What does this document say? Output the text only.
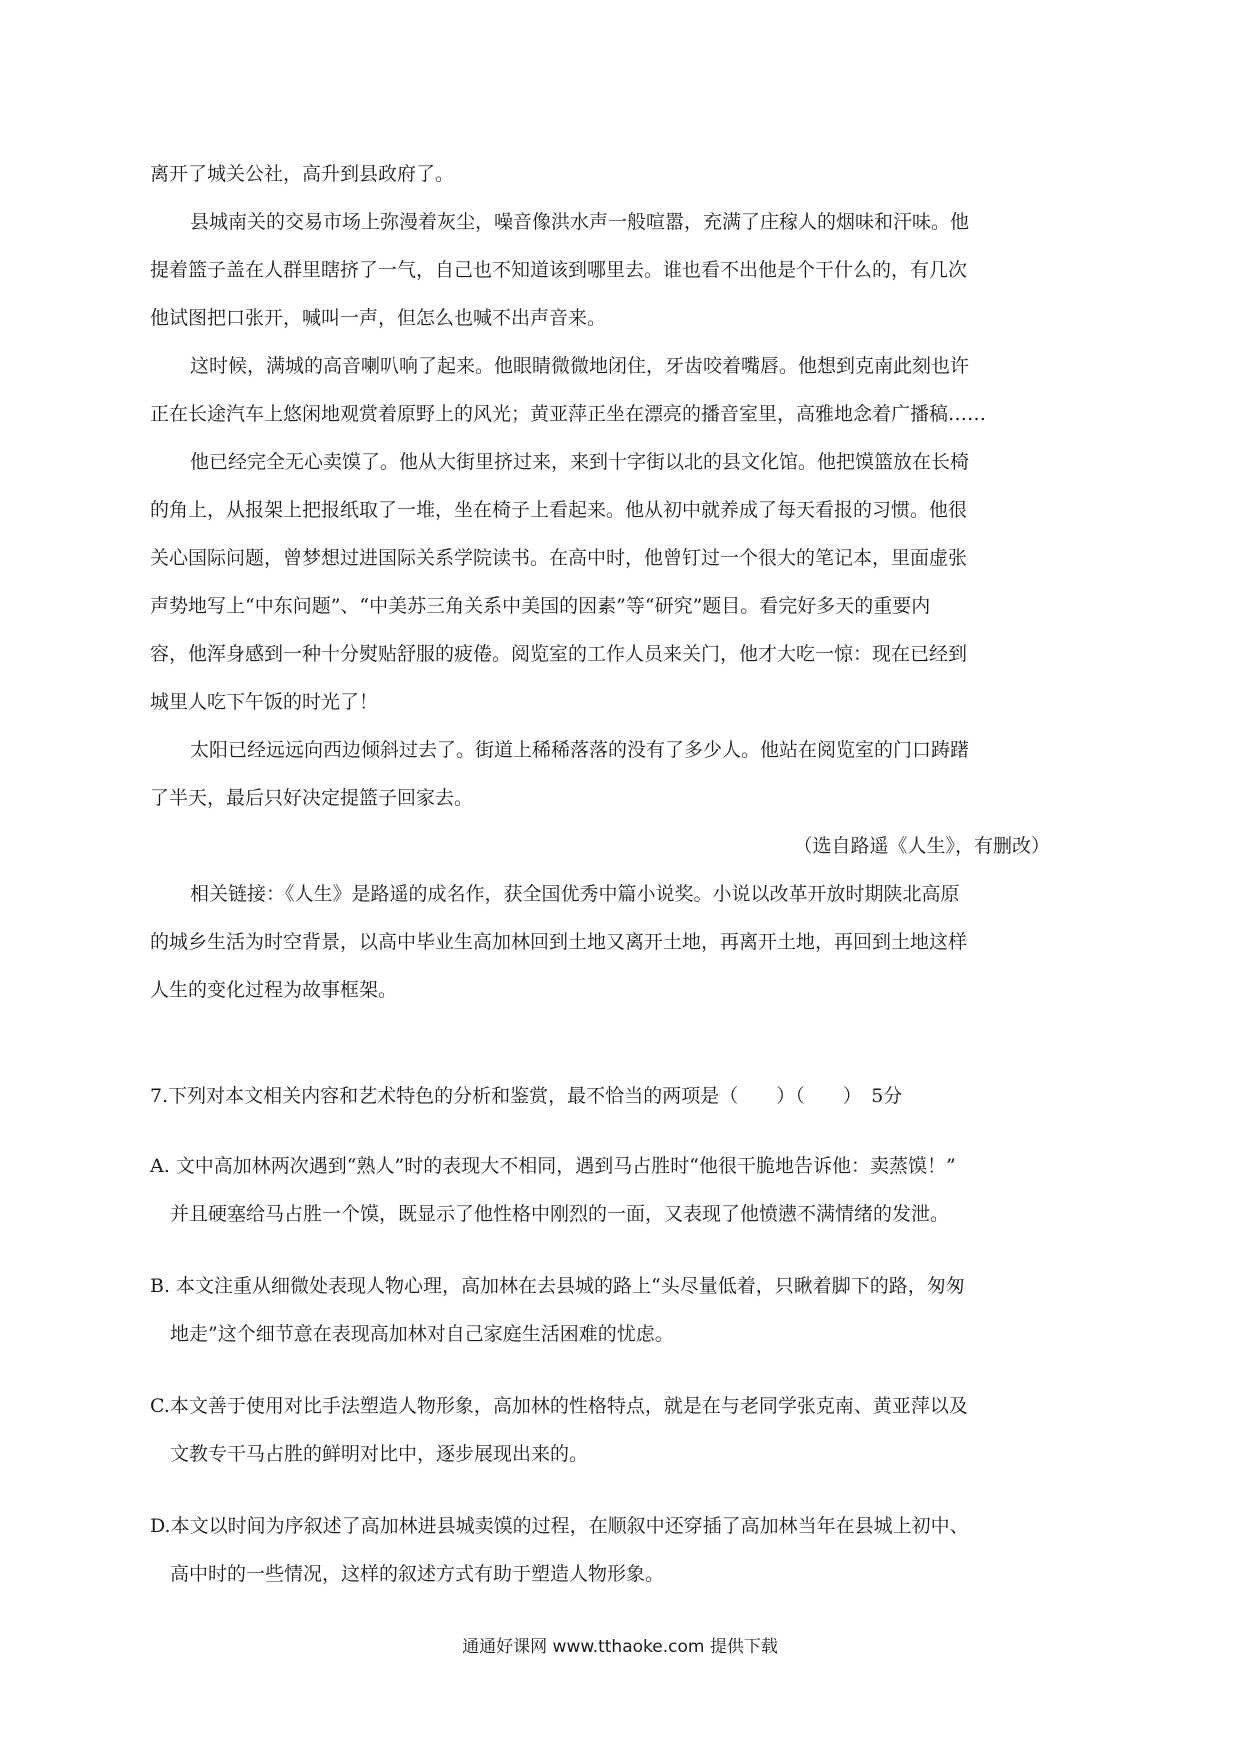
离开了城关公社，高升到县政府了。
县城南关的交易市场上弥漫着灰尘，噪音像洪水声一般喧嚣，充满了庄稼人的烟味和汗味。他
提着篮子盖在人群里瞎挤了一气，自己也不知道该到哪里去。谁也看不出他是个干什么的，有几次
他试图把口张开，喊叫一声，但怎么也喊不出声音来。
这时候，满城的高音喇叭响了起来。他眼睛微微地闭住，牙齿咬着嘴唇。他想到克南此刻也许
正在长途汽车上悠闲地观赏着原野上的风光；黄亚萍正坐在漂亮的播音室里，高雅地念着广播稿……
他已经完全无心卖馍了。他从大街里挤过来，来到十字街以北的县文化馆。他把馍篮放在长椅
的角上，从报架上把报纸取了一堆，坐在椅子上看起来。他从初中就养成了每天看报的习惯。他很
关心国际问题，曾梦想过进国际关系学院读书。在高中时，他曾钉过一个很大的笔记本，里面虚张
声势地写上“中东问题”、“中美苏三角关系中美国的因素”等“研究”题目。看完好多天的重要内
容，他浑身感到一种十分熨贴舒服的疲倦。阅览室的工作人员来关门，他才大吃一惊：现在已经到
城里人吃下午饭的时光了！
太阳已经远远向西边倾斜过去了。街道上稀稀落落的没有了多少人。他站在阅览室的门口踌躇
了半天，最后只好决定提篮子回家去。
（选自路遥《人生》，有删改）
相关链接：《人生》是路遥的成名作，获全国优秀中篇小说奖。小说以改革开放时期陕北高原
的城乡生活为时空背景，以高中毕业生高加林回到土地又离开土地，再离开土地，再回到土地这样
人生的变化过程为故事框架。
7.下列对本文相关内容和艺术特色的分析和鉴赏，最不恰当的两项是（　　）（　　）　5分
A. 文中高加林两次遇到“熟人”时的表现大不相同，遇到马占胜时“他很干脆地告诉他：卖蒸馍！”
并且硬塞给马占胜一个馍，既显示了他性格中刚烈的一面，又表现了他愤懑不满情绪的发泄。
B. 本文注重从细微处表现人物心理，高加林在去县城的路上“头尽量低着，只瞅着脚下的路，匆匆
地走”这个细节意在表现高加林对自己家庭生活困难的忧虑。
C.本文善于使用对比手法塑造人物形象，高加林的性格特点，就是在与老同学张克南、黄亚萍以及
文教专干马占胜的鲜明对比中，逐步展现出来的。
D.本文以时间为序叙述了高加林进县城卖馍的过程，在顺叙中还穿插了高加林当年在县城上初中、
高中时的一些情况，这样的叙述方式有助于塑造人物形象。
通通好课网 www.tthaoke.com 提供下载
